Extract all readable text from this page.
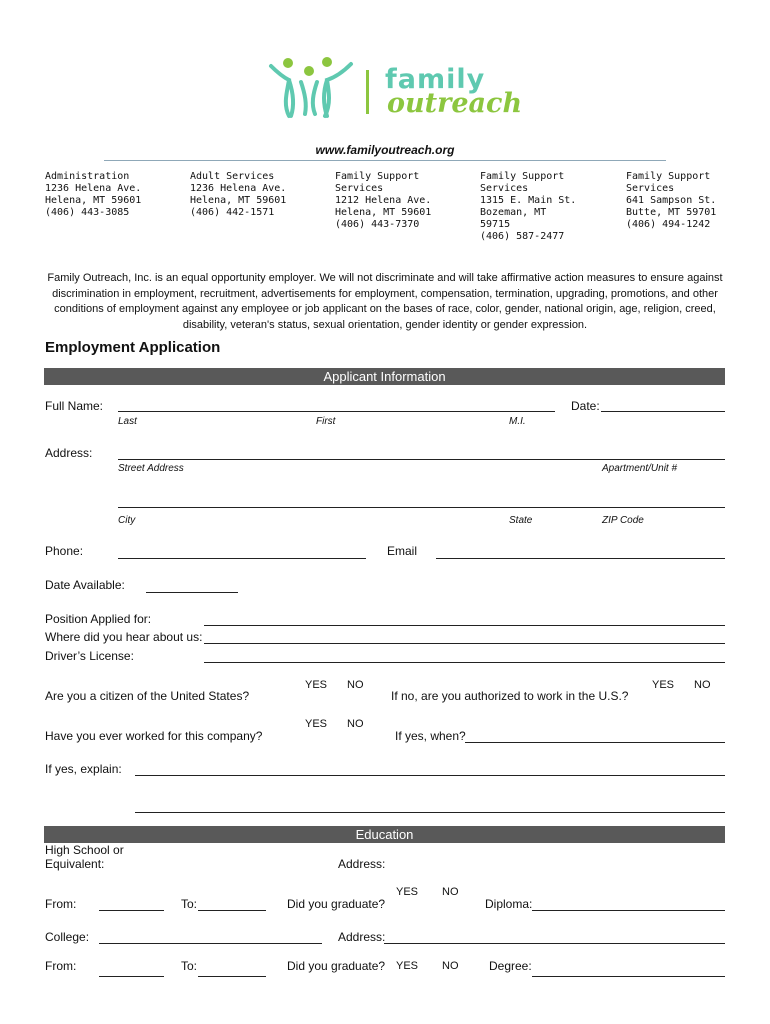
family
outreach
www.familyoutreach.org
Administration
1236 Helena Ave.
Helena, MT 59601
(406) 443-3085
Adult Services
1236 Helena Ave.
Helena, MT 59601
(406) 442-1571
Family Support
Services
1212 Helena Ave.
Helena, MT 59601
(406) 443-7370
Family Support
Services
1315 E. Main St.
Bozeman, MT
59715
(406) 587-2477
Family Support
Services
641 Sampson St.
Butte, MT 59701
(406) 494-1242
Family Outreach, Inc. is an equal opportunity employer. We will not discriminate and will take affirmative action measures to ensure against discrimination in employment, recruitment, advertisements for employment, compensation, termination, upgrading, promotions, and other conditions of employment against any employee or job applicant on the bases of race, color, gender, national origin, age, religion, creed, disability, veteran's status, sexual orientation, gender identity or gender expression.
Employment Application
Applicant Information
Full Name:	Date:
Last	First	M.I.
Address:
Street Address	Apartment/Unit #
City	State	ZIP Code
Phone:	Email
Date Available:
Position Applied for:
Where did you hear about us:
Driver’s License:
YES NO
Are you a citizen of the United States?
YES NO
If no, are you authorized to work in the U.S.?
YES NO
Have you ever worked for this company?	If yes, when?
If yes, explain:
Education
High School or
Equivalent:	Address:
YES NO
From:	To:	Did you graduate?	Diploma:
College:	Address:
From:	To:	Did you graduate? YES NO	Degree:
